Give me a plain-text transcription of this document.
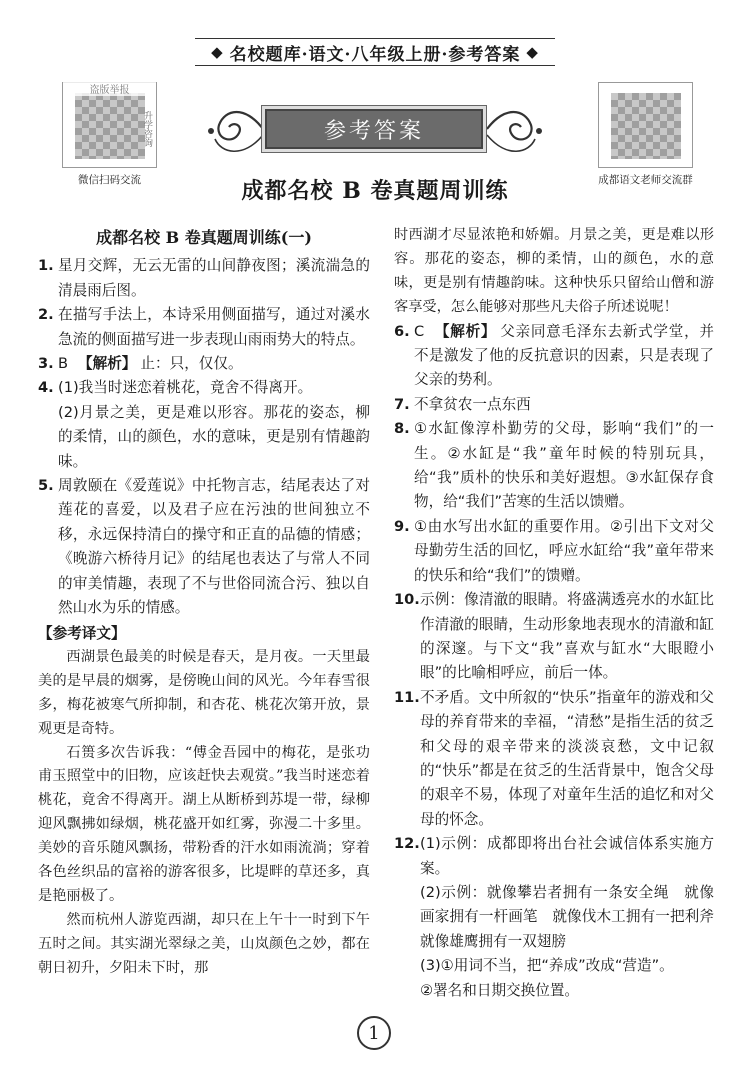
◆ 名校题库·语文·八年级上册·参考答案 ◆
盗版举报
升学咨询
微信扫码交流	成都语文老师交流群
参考答案
成都名校 B 卷真题周训练
成都名校 B 卷真题周训练(一)
1. 星月交辉，无云无雷的山间静夜图；溪流湍急的清晨雨后图。
2. 在描写手法上，本诗采用侧面描写，通过对溪水急流的侧面描写进一步表现山雨雨势大的特点。
3. B 【解析】 止：只，仅仅。
4. (1)我当时迷恋着桃花，竟舍不得离开。
(2)月景之美，更是难以形容。那花的姿态，柳的柔情，山的颜色，水的意味，更是别有情趣韵味。
5. 周敦颐在《爱莲说》中托物言志，结尾表达了对莲花的喜爱，以及君子应在污浊的世间独立不移，永远保持清白的操守和正直的品德的情感；《晚游六桥待月记》的结尾也表达了与常人不同的审美情趣，表现了不与世俗同流合污、独以自然山水为乐的情感。
【参考译文】

西湖景色最美的时候是春天，是月夜。一天里最美的是早晨的烟雾，是傍晚山间的风光。今年春雪很多，梅花被寒气所抑制，和杏花、桃花次第开放，景观更是奇特。

石篑多次告诉我：“傅金吾园中的梅花，是张功甫玉照堂中的旧物，应该赶快去观赏。”我当时迷恋着桃花，竟舍不得离开。湖上从断桥到苏堤一带，绿柳迎风飘拂如绿烟，桃花盛开如红雾，弥漫二十多里。美妙的音乐随风飘扬，带粉香的汗水如雨流淌；穿着各色丝织品的富裕的游客很多，比堤畔的草还多，真是艳丽极了。

然而杭州人游览西湖，却只在上午十一时到下午五时之间。其实湖光翠绿之美，山岚颜色之妙，都在朝日初升，夕阳未下时，那

时西湖才尽显浓艳和娇媚。月景之美，更是难以形容。那花的姿态，柳的柔情，山的颜色，水的意味，更是别有情趣韵味。这种快乐只留给山僧和游客享受，怎么能够对那些凡夫俗子所述说呢！

6. C 【解析】 父亲同意毛泽东去新式学堂，并不是激发了他的反抗意识的因素，只是表现了父亲的势利。
7. 不拿贫农一点东西
8. ①水缸像淳朴勤劳的父母，影响“我们”的一生。②水缸是“我”童年时候的特别玩具，给“我”质朴的快乐和美好遐想。③水缸保存食物，给“我们”苦寒的生活以馈赠。
9. ①由水写出水缸的重要作用。②引出下文对父母勤劳生活的回忆，呼应水缸给“我”童年带来的快乐和给“我们”的馈赠。
10. 示例：像清澈的眼睛。将盛满透亮水的水缸比作清澈的眼睛，生动形象地表现水的清澈和缸的深邃。与下文“我”喜欢与缸水“大眼瞪小眼”的比喻相呼应，前后一体。
11. 不矛盾。文中所叙的“快乐”指童年的游戏和父母的养育带来的幸福，“清愁”是指生活的贫乏和父母的艰辛带来的淡淡哀愁，文中记叙的“快乐”都是在贫乏的生活背景中，饱含父母的艰辛不易，体现了对童年生活的追忆和对父母的怀念。
12. (1)示例：成都即将出台社会诚信体系实施方案。
(2)示例：就像攀岩者拥有一条安全绳　就像画家拥有一杆画笔　就像伐木工拥有一把利斧　就像雄鹰拥有一双翅膀
(3)①用词不当，把“养成”改成“营造”。
②署名和日期交换位置。
1
